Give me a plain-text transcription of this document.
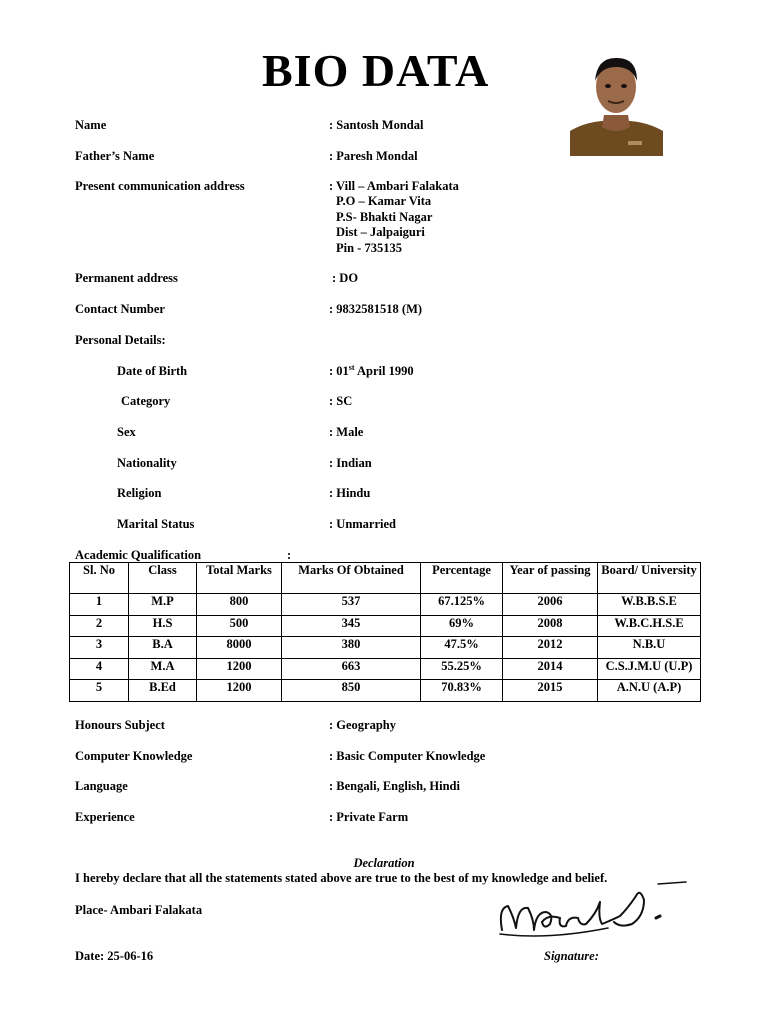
BIO DATA
Name	: Santosh Mondal
Father’s Name	: Paresh Mondal
Present communication address	: Vill – Ambari Falakata
P.O – Kamar Vita
P.S- Bhakti Nagar
Dist – Jalpaiguri
Pin - 735135
Permanent address	: DO
Contact Number	: 9832581518 (M)
Personal Details:
Date of Birth	: 01st April 1990
Category	: SC
Sex	: Male
Nationality	: Indian
Religion	: Hindu
Marital Status	: Unmarried
Academic Qualification	:
Sl. No	Class	Total Marks	Marks Of Obtained	Percentage	Year of passing	Board/ University
1	M.P	800	537	67.125%	2006	W.B.B.S.E
2	H.S	500	345	69%	2008	W.B.C.H.S.E
3	B.A	8000	380	47.5%	2012	N.B.U
4	M.A	1200	663	55.25%	2014	C.S.J.M.U (U.P)
5	B.Ed	1200	850	70.83%	2015	A.N.U (A.P)
Honours Subject	: Geography
Computer Knowledge	: Basic Computer Knowledge
Language	: Bengali, English, Hindi
Experience	: Private Farm
Declaration
I hereby declare that all the statements stated above are true to the best of my knowledge and belief.
Place- Ambari Falakata
Date: 25-06-16	Signature:
